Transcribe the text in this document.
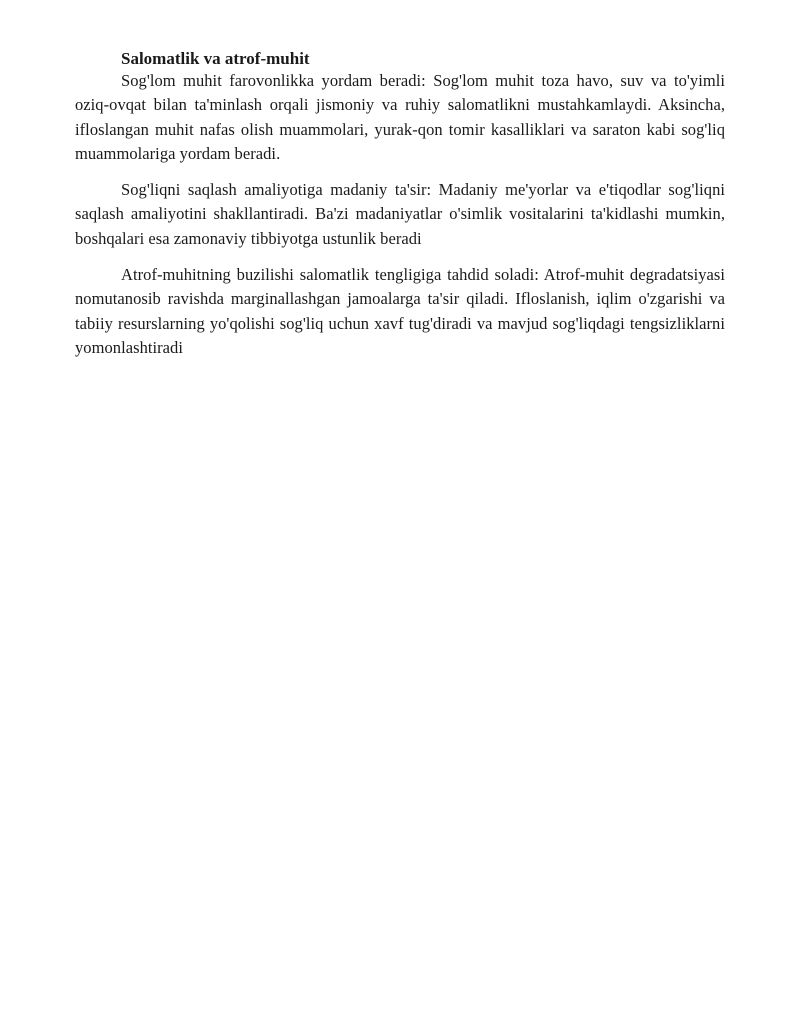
Salomatlik va atrof-muhit

Sog'lom muhit farovonlikka yordam beradi: Sog'lom muhit toza havo, suv va to'yimli oziq-ovqat bilan ta'minlash orqali jismoniy va ruhiy salomatlikni mustahkamlaydi. Aksincha, ifloslangan muhit nafas olish muammolari, yurak-qon tomir kasalliklari va saraton kabi sog'liq muammolariga yordam beradi.

Sog'liqni saqlash amaliyotiga madaniy ta'sir: Madaniy me'yorlar va e'tiqodlar sog'liqni saqlash amaliyotini shakllantiradi. Ba'zi madaniyatlar o'simlik vositalarini ta'kidlashi mumkin, boshqalari esa zamonaviy tibbiyotga ustunlik beradi

Atrof-muhitning buzilishi salomatlik tengligiga tahdid soladi: Atrof-muhit degradatsiyasi nomutanosib ravishda marginallashgan jamoalarga ta'sir qiladi. Ifloslanish, iqlim o'zgarishi va tabiiy resurslarning yo'qolishi sog'liq uchun xavf tug'diradi va mavjud sog'liqdagi tengsizliklarni yomonlashtiradi
